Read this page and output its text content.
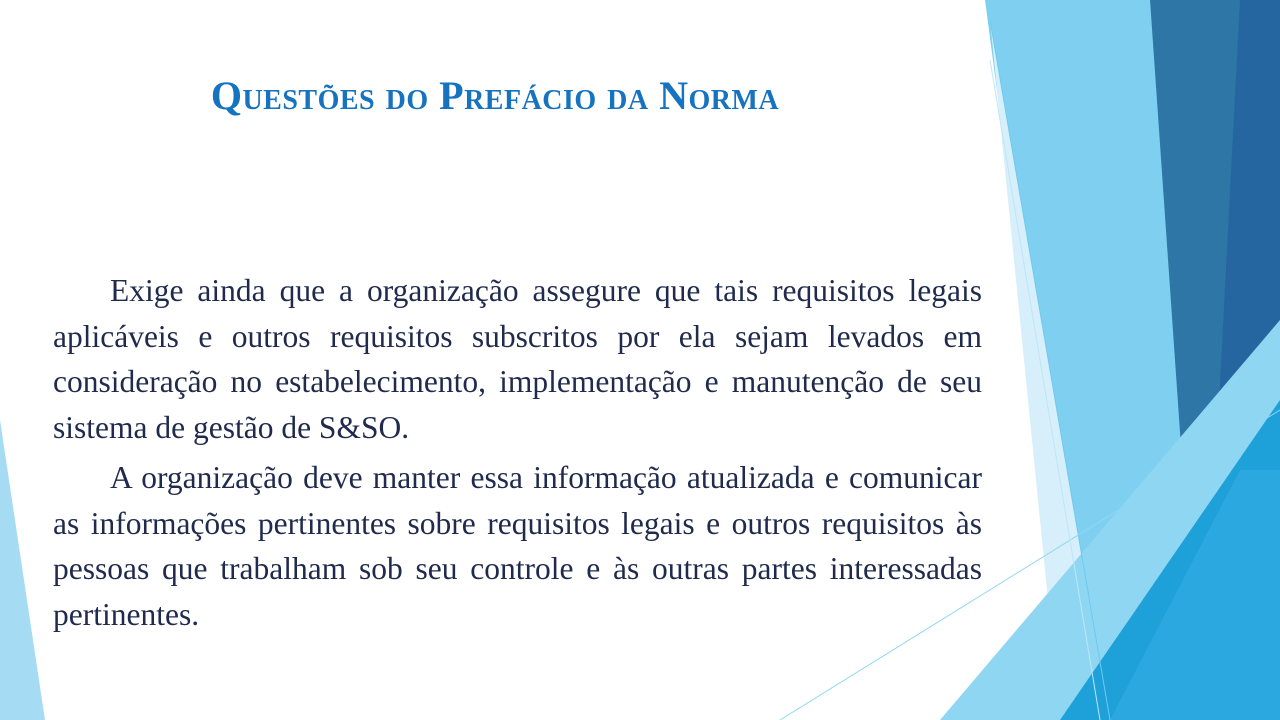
Questões do Prefácio da Norma

Exige ainda que a organização assegure que tais requisitos legais aplicáveis e outros requisitos subscritos por ela sejam levados em consideração no estabelecimento, implementação e manutenção de seu sistema de gestão de S&SO.

A organização deve manter essa informação atualizada e comunicar as informações pertinentes sobre requisitos legais e outros requisitos às pessoas que trabalham sob seu controle e às outras partes interessadas pertinentes.
